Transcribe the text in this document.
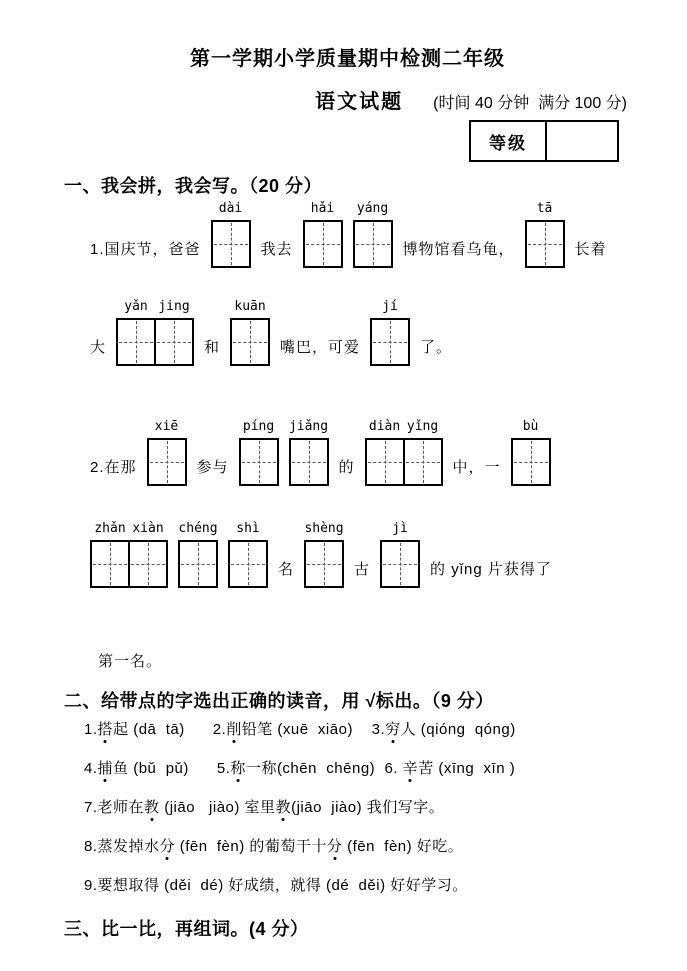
第一学期小学质量期中检测二年级
语文试题 (时间 40 分钟  满分 100 分)
等级
一、我会拼，我会写。（20 分）
1.国庆节，爸爸
dài
我去
hǎi yáng
博物馆看乌龟，
tā
长着
大
yǎn jing
和
kuān
嘴巴，可爱
jí
了。
2.在那
xiē
参与
píng jiǎng
的
diàn yǐng
中，一
bù
zhǎn xiàn chéng shì
名
shèng
古
jì
的 yǐng 片获得了
第一名。
二、给带点的字选出正确的读音，用 √标出。（9 分）
1.搭起 (dā  tā)      2.削铅笔 (xuē  xiāo)    3.穷人 (qióng  qóng)
4.捕鱼 (bǔ  pǔ)      5.称一称(chēn  chēng)  6. 辛苦 (xīng  xīn )
7.老师在教 (jiāo   jiào) 室里教(jiāo  jiào) 我们写字。
8.蒸发掉水分 (fēn  fèn) 的葡萄干十分 (fēn  fèn) 好吃。
9.要想取得 (děi  dé) 好成绩，就得 (dé  děi) 好好学习。
三、比一比，再组词。(4 分）
